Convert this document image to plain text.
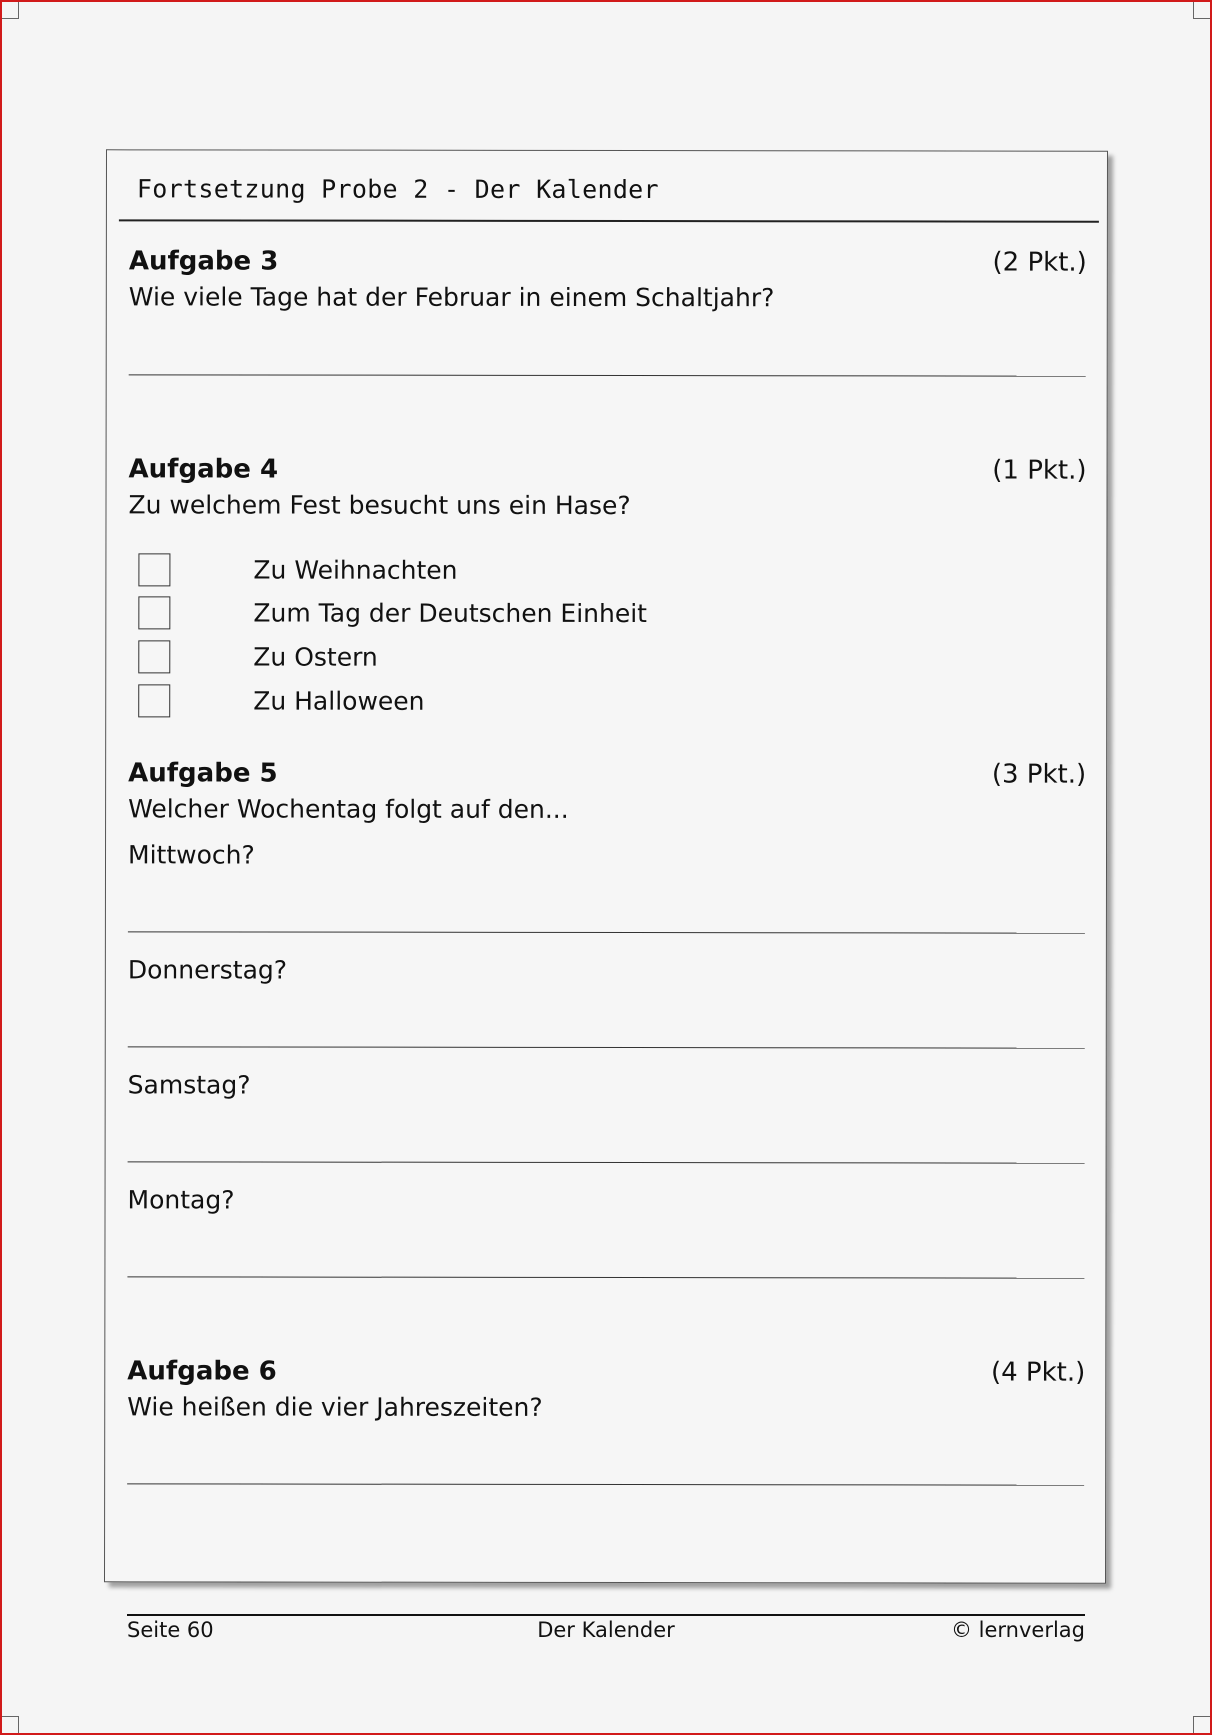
Fortsetzung Probe 2 - Der Kalender
Aufgabe 3	(2 Pkt.)
Wie viele Tage hat der Februar in einem Schaltjahr?
Aufgabe 4	(1 Pkt.)
Zu welchem Fest besucht uns ein Hase?
Zu Weihnachten
Zum Tag der Deutschen Einheit
Zu Ostern
Zu Halloween
Aufgabe 5	(3 Pkt.)
Welcher Wochentag folgt auf den...
Mittwoch?
Donnerstag?
Samstag?
Montag?
Aufgabe 6	(4 Pkt.)
Wie heißen die vier Jahreszeiten?
Seite 60	Der Kalender	© lernverlag
